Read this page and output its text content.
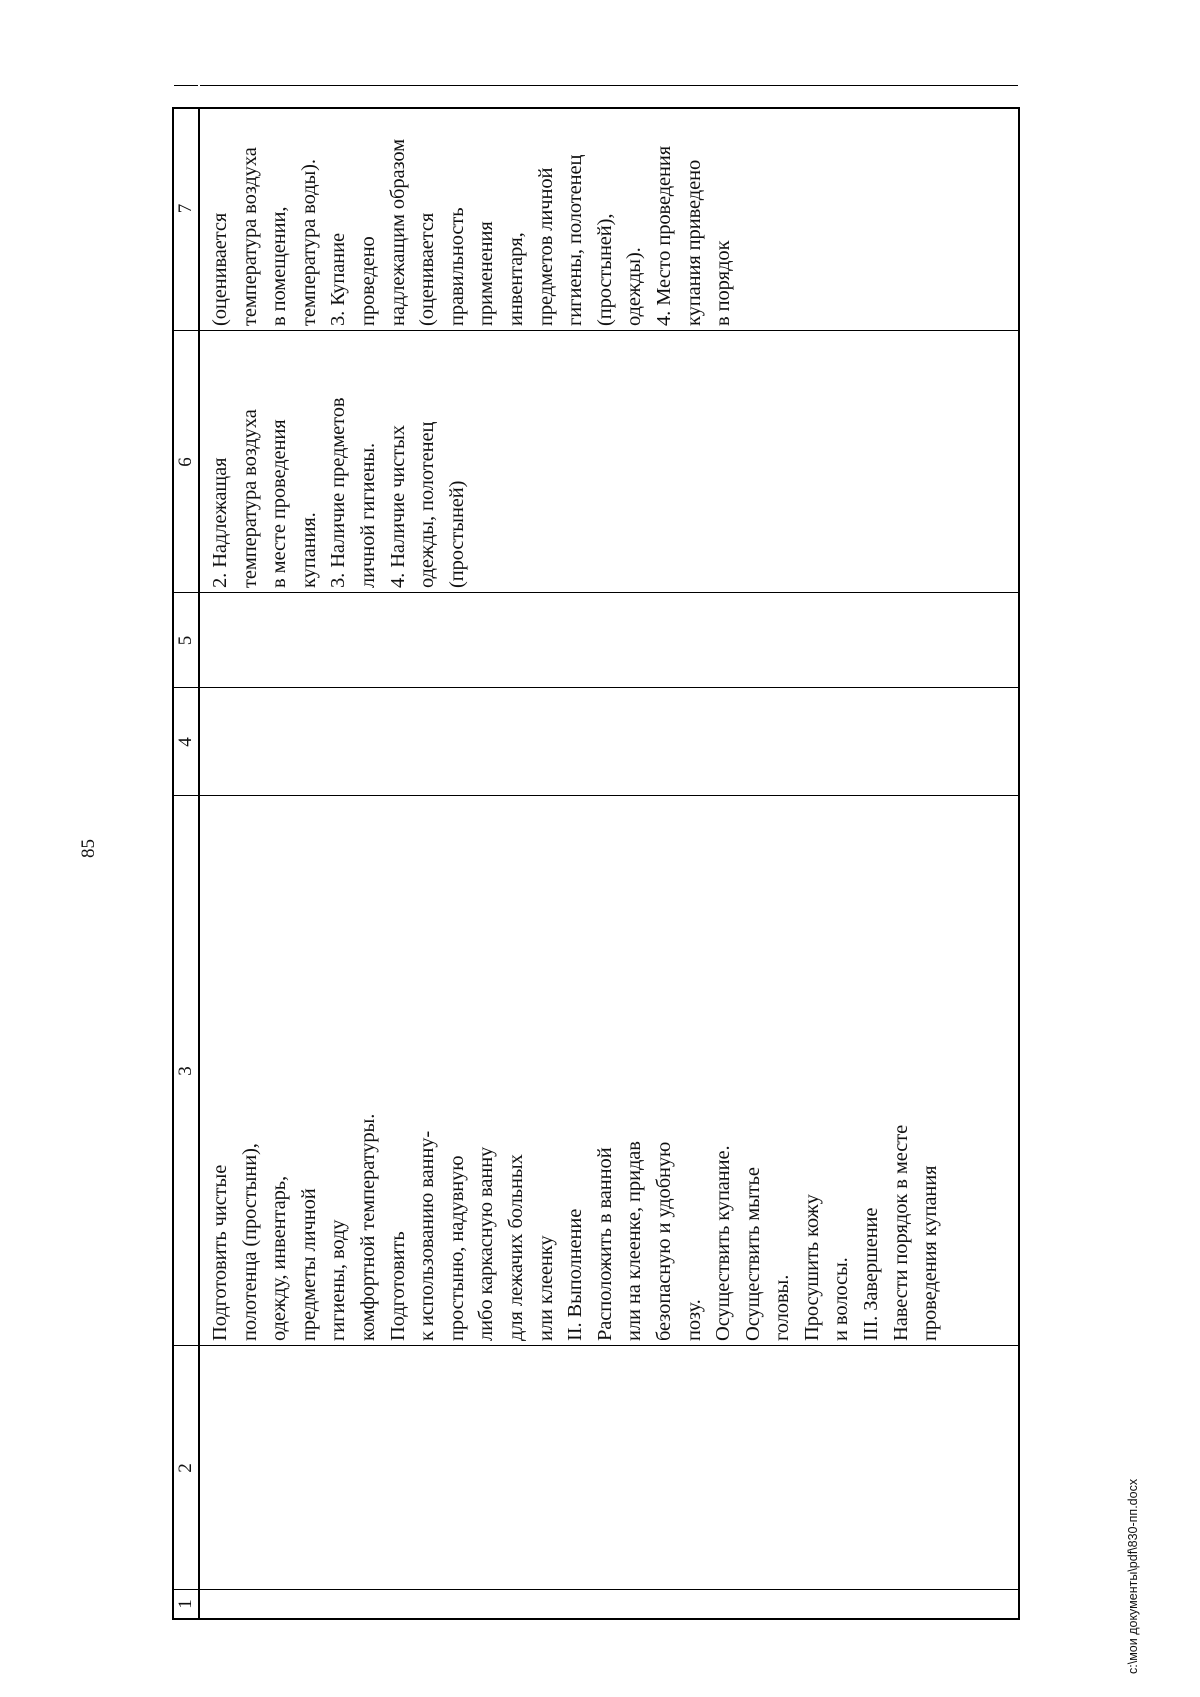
85
c:\мои документы\pdf\830-пп.docx
1
2
3
4
5
6
7
Подготовить чистые полотенца (простыни), одежду, инвентарь, предметы личной гигиены, воду комфортной температуры. Подготовить к использованию ванну- простыню, надувную либо каркасную ванну для лежачих больных или клеенку II. Выполнение Расположить в ванной или на клеенке, придав безопасную и удобную позу. Осуществить купание. Осуществить мытье головы. Просушить кожу и волосы. III. Завершение Навести порядок в месте проведения купания
2. Надлежащая температура воздуха в месте проведения купания. 3. Наличие предметов личной гигиены. 4. Наличие чистых одежды, полотенец (простыней)
(оценивается температура воздуха в помещении, температура воды). 3. Купание проведено надлежащим образом (оценивается правильность применения инвентаря, предметов личной гигиены, полотенец (простыней), одежды). 4. Место проведения купания приведено в порядок
